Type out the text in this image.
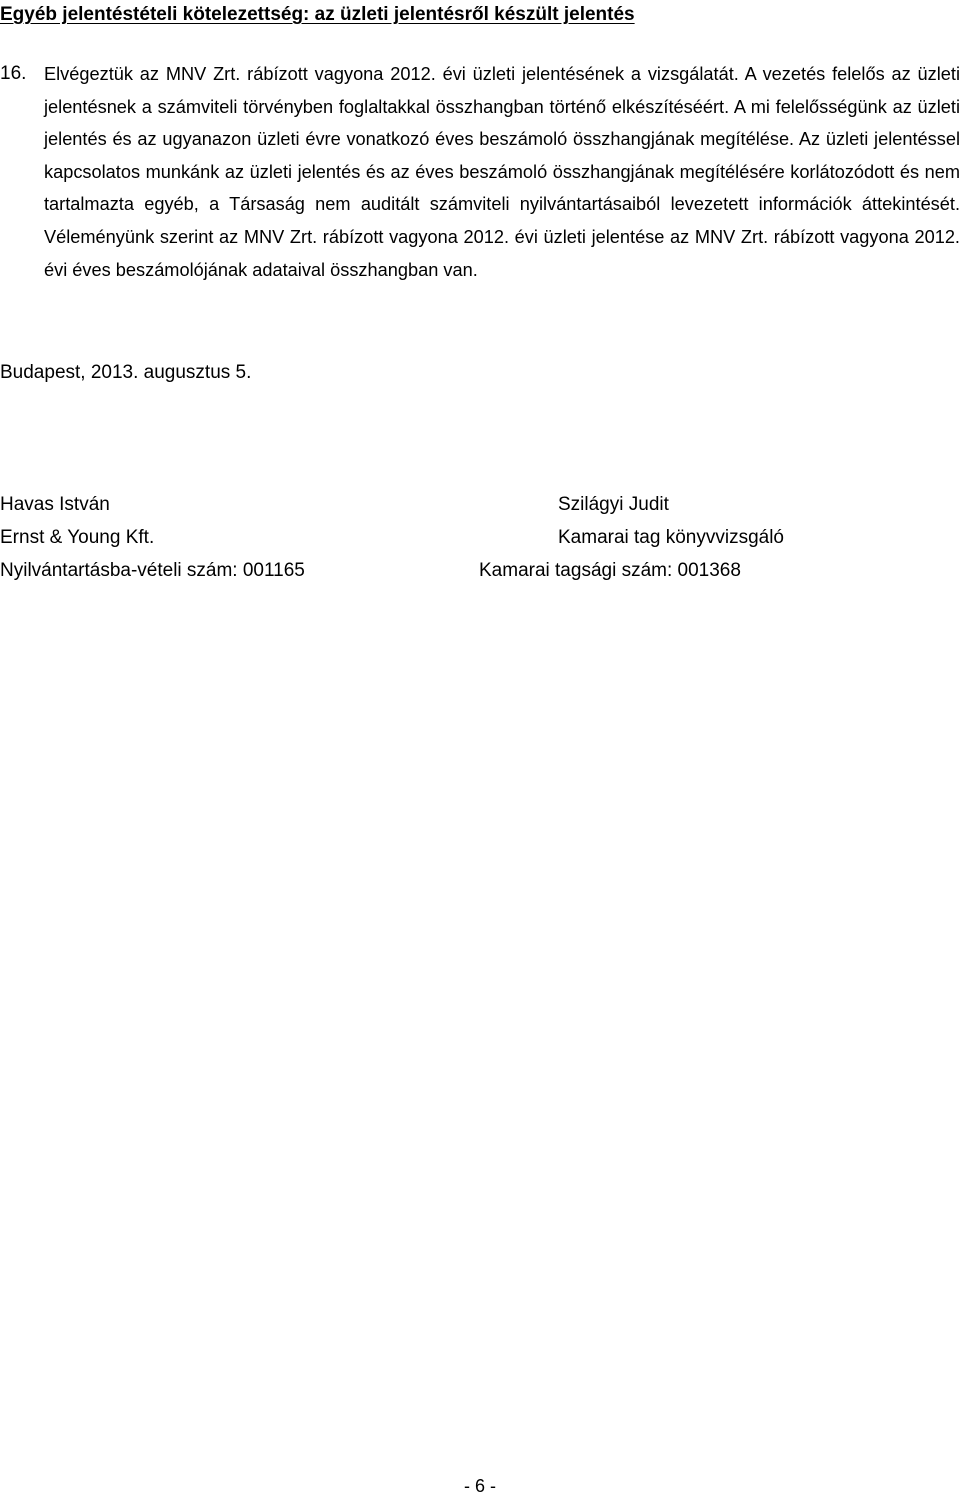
Egyéb jelentéstételi kötelezettség: az üzleti jelentésről készült jelentés
16. Elvégeztük az MNV Zrt. rábízott vagyona 2012. évi üzleti jelentésének a vizsgálatát. A vezetés felelős az üzleti jelentésnek a számviteli törvényben foglaltakkal összhangban történő elkészítéséért. A mi felelősségünk az üzleti jelentés és az ugyanazon üzleti évre vonatkozó éves beszámoló összhangjának megítélése. Az üzleti jelentéssel kapcsolatos munkánk az üzleti jelentés és az éves beszámoló összhangjának megítélésére korlátozódott és nem tartalmazta egyéb, a Társaság nem auditált számviteli nyilvántartásaiból levezetett információk áttekintését. Véleményünk szerint az MNV Zrt. rábízott vagyona 2012. évi üzleti jelentése az MNV Zrt. rábízott vagyona 2012. évi éves beszámolójának adataival összhangban van.
Budapest, 2013. augusztus 5.
Havas István
Ernst & Young Kft.
Nyilvántartásba-vételi szám: 001165
Szilágyi Judit
Kamarai tag könyvvizsgáló
Kamarai tagsági szám: 001368
- 6 -
